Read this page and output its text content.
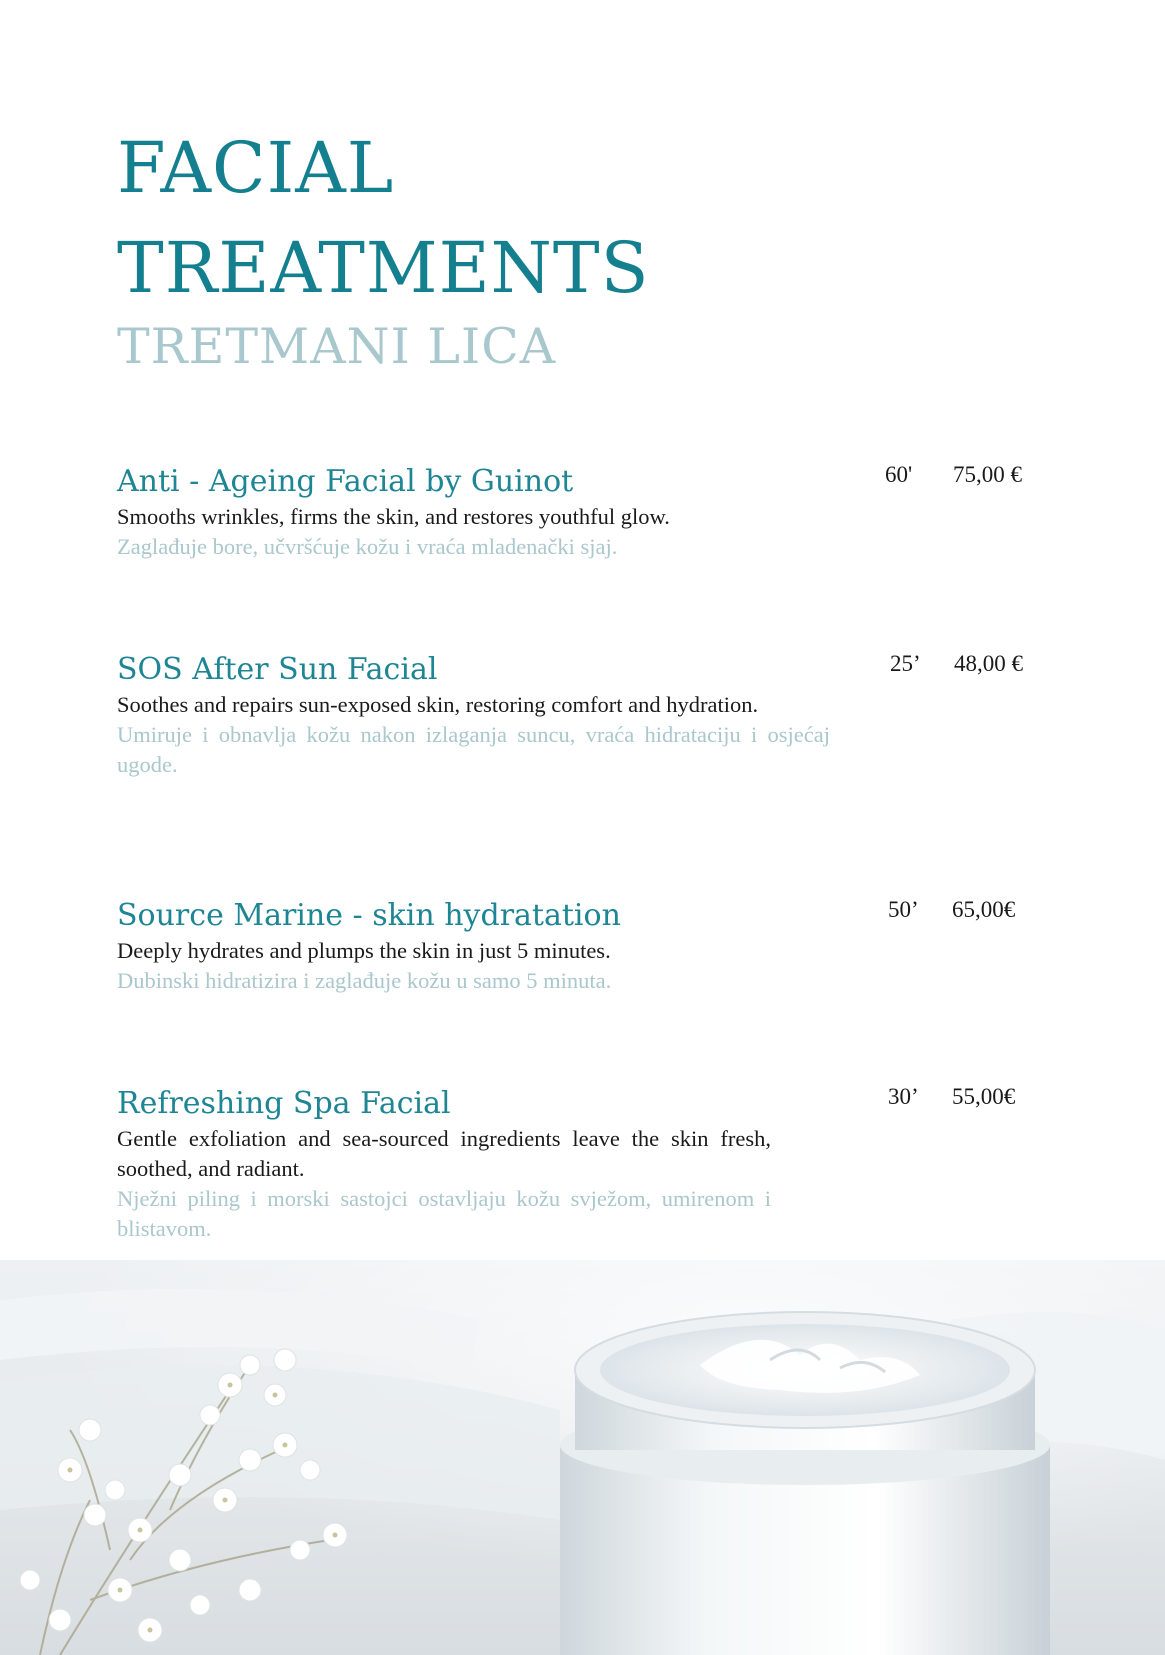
FACIAL
TREATMENTS
TRETMANI LICA
Anti - Ageing Facial by Guinot
Smooths wrinkles, firms the skin, and restores youthful glow.
Zaglađuje bore, učvršćuje kožu i vraća mladenački sjaj.
60' 75,00 €
SOS After Sun Facial
Soothes and repairs sun-exposed skin, restoring comfort and hydration.
Umiruje i obnavlja kožu nakon izlaganja suncu, vraća hidrataciju i osjećaj ugode.
25’ 48,00 €
Source Marine - skin hydratation
Deeply hydrates and plumps the skin in just 5 minutes.
Dubinski hidratizira i zaglađuje kožu u samo 5 minuta.
50’ 65,00€
Refreshing Spa Facial
Gentle exfoliation and sea-sourced ingredients leave the skin fresh, soothed, and radiant.
Nježni piling i morski sastojci ostavljaju kožu svježom, umirenom i blistavom.
30’ 55,00€
